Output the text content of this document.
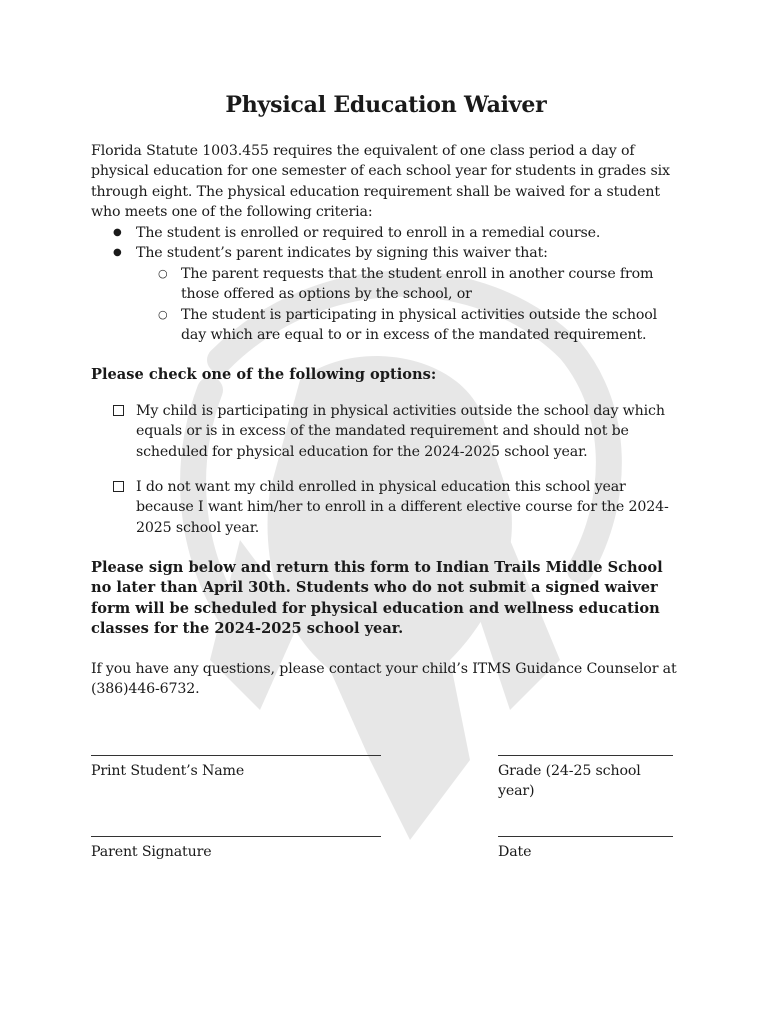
Physical Education Waiver

Florida Statute 1003.455 requires the equivalent of one class period a day of physical education for one semester of each school year for students in grades six through eight. The physical education requirement shall be waived for a student who meets one of the following criteria:

● The student is enrolled or required to enroll in a remedial course.
● The student’s parent indicates by signing this waiver that:
○ The parent requests that the student enroll in another course from those offered as options by the school, or
○ The student is participating in physical activities outside the school day which are equal to or in excess of the mandated requirement.

Please check one of the following options:

My child is participating in physical activities outside the school day which equals or is in excess of the mandated requirement and should not be scheduled for physical education for the 2024-2025 school year.
I do not want my child enrolled in physical education this school year because I want him/her to enroll in a different elective course for the 2024-2025 school year.

Please sign below and return this form to Indian Trails Middle School no later than April 30th. Students who do not submit a signed waiver form will be scheduled for physical education and wellness education classes for the 2024-2025 school year.

If you have any questions, please contact your child’s ITMS Guidance Counselor at (386)446-6732.

Print Student’s Name	Grade (24-25 school year)

Parent Signature	Date
